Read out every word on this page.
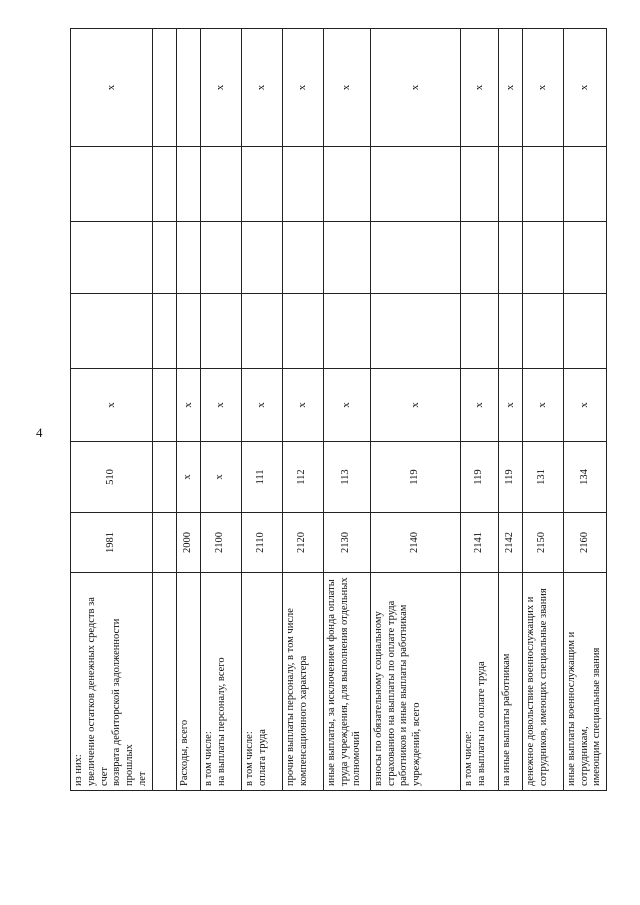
4
из них: увеличение остатков денежных средств за счет возврата дебиторской задолженности прошлых лет	1981	510	х				х

Расходы, всего	2000	х	х				

в том числе: на выплаты персоналу, всего	2100	х	х				х

в том числе: оплата труда	2110	111	х				х

прочие выплаты персоналу, в том числе компенсационного характера	2120	112	х				х

иные выплаты, за исключением фонда оплаты труда учреждения, для выполнения отдельных полномочий	2130	113	х				х

взносы по обязательному социальному страхованию на выплаты по оплате труда работников и иные выплаты работникам учреждений, всего	2140	119	х				х

в том числе: на выплаты по оплате труда	2141	119	х				х

на иные выплаты работникам	2142	119	х				х

денежное довольствие военнослужащих и сотрудников, имеющих специальные звания	2150	131	х				х

иные выплаты военнослужащим и сотрудникам, имеющим специальные звания	2160	134	х				х
